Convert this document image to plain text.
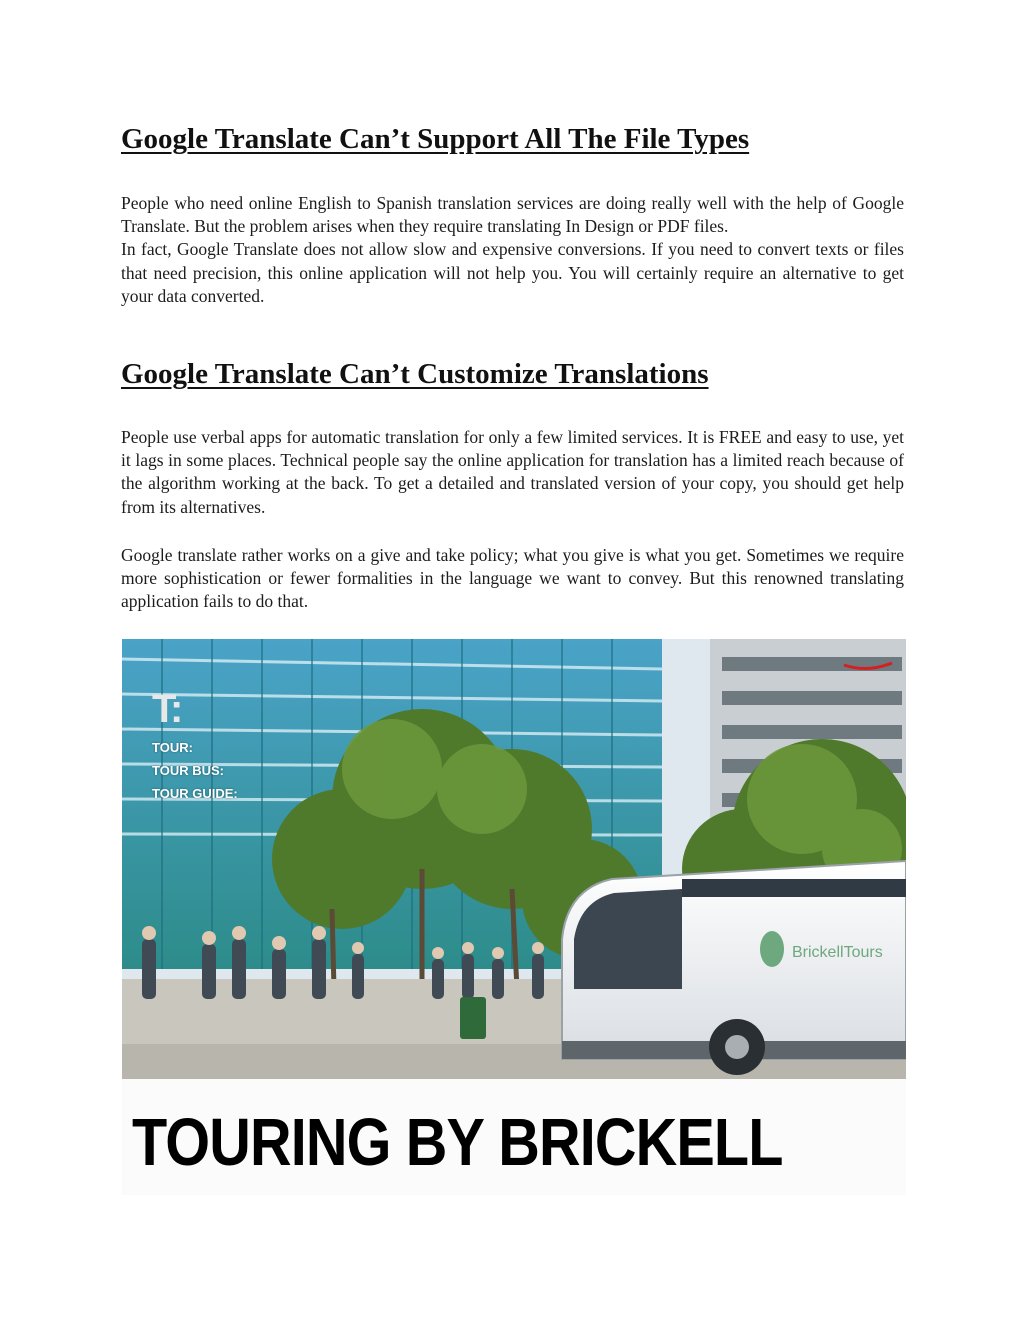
Google Translate Can’t Support All The File Types

People who need online English to Spanish translation services are doing really well with the help of Google Translate. But the problem arises when they require translating In Design or PDF files.

In fact, Google Translate does not allow slow and expensive conversions. If you need to convert texts or files that need precision, this online application will not help you. You will certainly require an alternative to get your data converted.

Google Translate Can’t Customize Translations

People use verbal apps for automatic translation for only a few limited services. It is FREE and easy to use, yet it lags in some places. Technical people say the online application for translation has a limited reach because of the algorithm working at the back. To get a detailed and translated version of your copy, you should get help from its alternatives.

Google translate rather works on a give and take policy; what you give is what you get. Sometimes we require more sophistication or fewer formalities in the language we want to convey. But this renowned translating application fails to do that.

BrickellTours
T:
TOUR:
TOUR BUS:
TOUR GUIDE:
TOURING BY BRICKELL
